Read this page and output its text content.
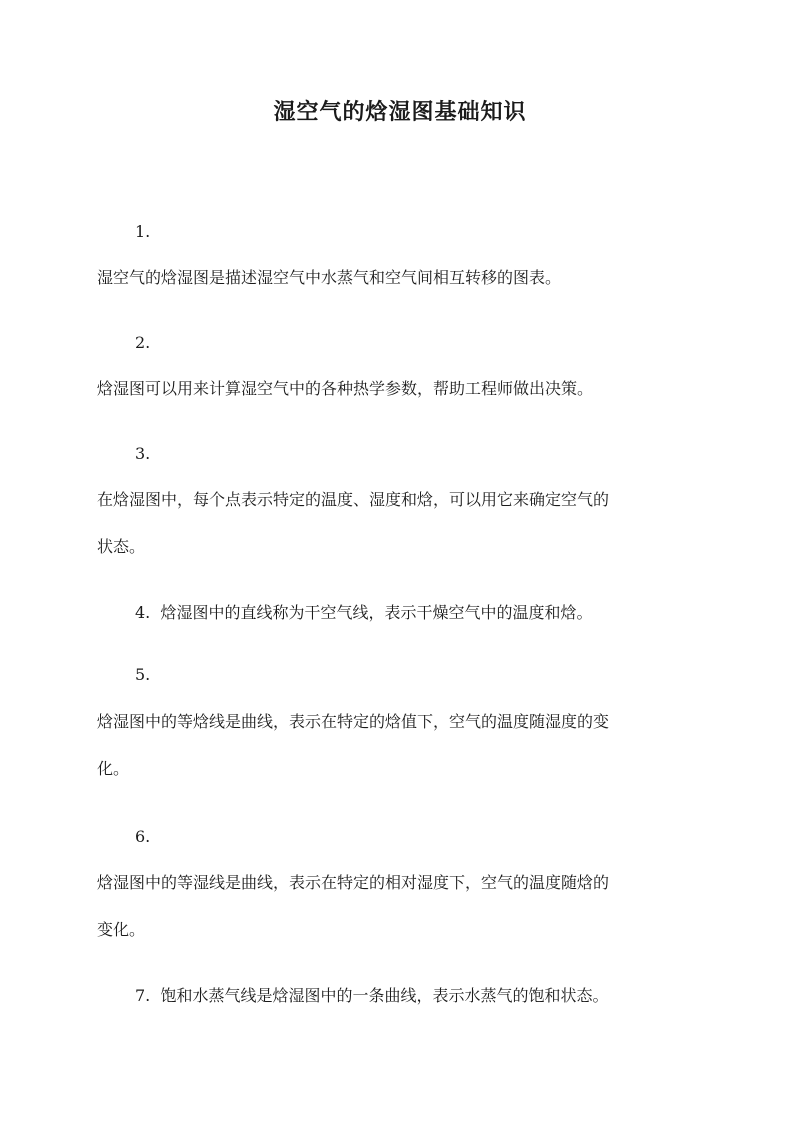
湿空气的焓湿图基础知识
1.
湿空气的焓湿图是描述湿空气中水蒸气和空气间相互转移的图表。
2.
焓湿图可以用来计算湿空气中的各种热学参数，帮助工程师做出决策。
3.
在焓湿图中，每个点表示特定的温度、湿度和焓，可以用它来确定空气的
状态。
4. 焓湿图中的直线称为干空气线，表示干燥空气中的温度和焓。
5.
焓湿图中的等焓线是曲线，表示在特定的焓值下，空气的温度随湿度的变
化。
6.
焓湿图中的等湿线是曲线，表示在特定的相对湿度下，空气的温度随焓的
变化。
7. 饱和水蒸气线是焓湿图中的一条曲线，表示水蒸气的饱和状态。
